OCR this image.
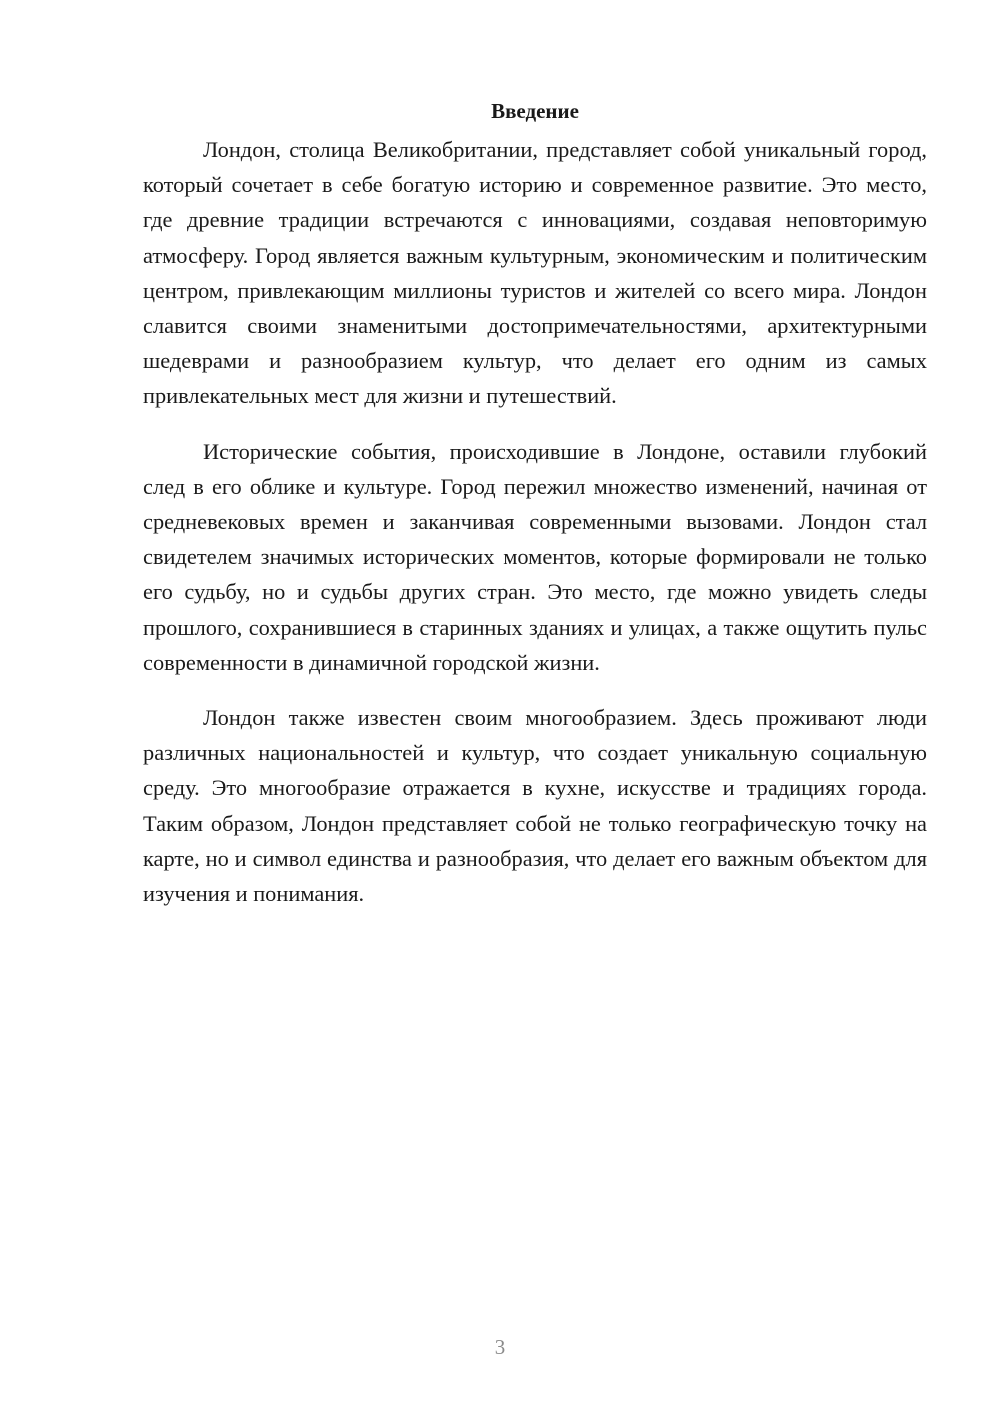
Введение

Лондон, столица Великобритании, представляет собой уникальный город, который сочетает в себе богатую историю и современное развитие. Это место, где древние традиции встречаются с инновациями, создавая неповторимую атмосферу. Город является важным культурным, экономическим и политическим центром, привлекающим миллионы туристов и жителей со всего мира. Лондон славится своими знаменитыми достопримечательностями, архитектурными шедеврами и разнообразием культур, что делает его одним из самых привлекательных мест для жизни и путешествий.

Исторические события, происходившие в Лондоне, оставили глубокий след в его облике и культуре. Город пережил множество изменений, начиная от средневековых времен и заканчивая современными вызовами. Лондон стал свидетелем значимых исторических моментов, которые формировали не только его судьбу, но и судьбы других стран. Это место, где можно увидеть следы прошлого, сохранившиеся в старинных зданиях и улицах, а также ощутить пульс современности в динамичной городской жизни.

Лондон также известен своим многообразием. Здесь проживают люди различных национальностей и культур, что создает уникальную социальную среду. Это многообразие отражается в кухне, искусстве и традициях города. Таким образом, Лондон представляет собой не только географическую точку на карте, но и символ единства и разнообразия, что делает его важным объектом для изучения и понимания.

3
